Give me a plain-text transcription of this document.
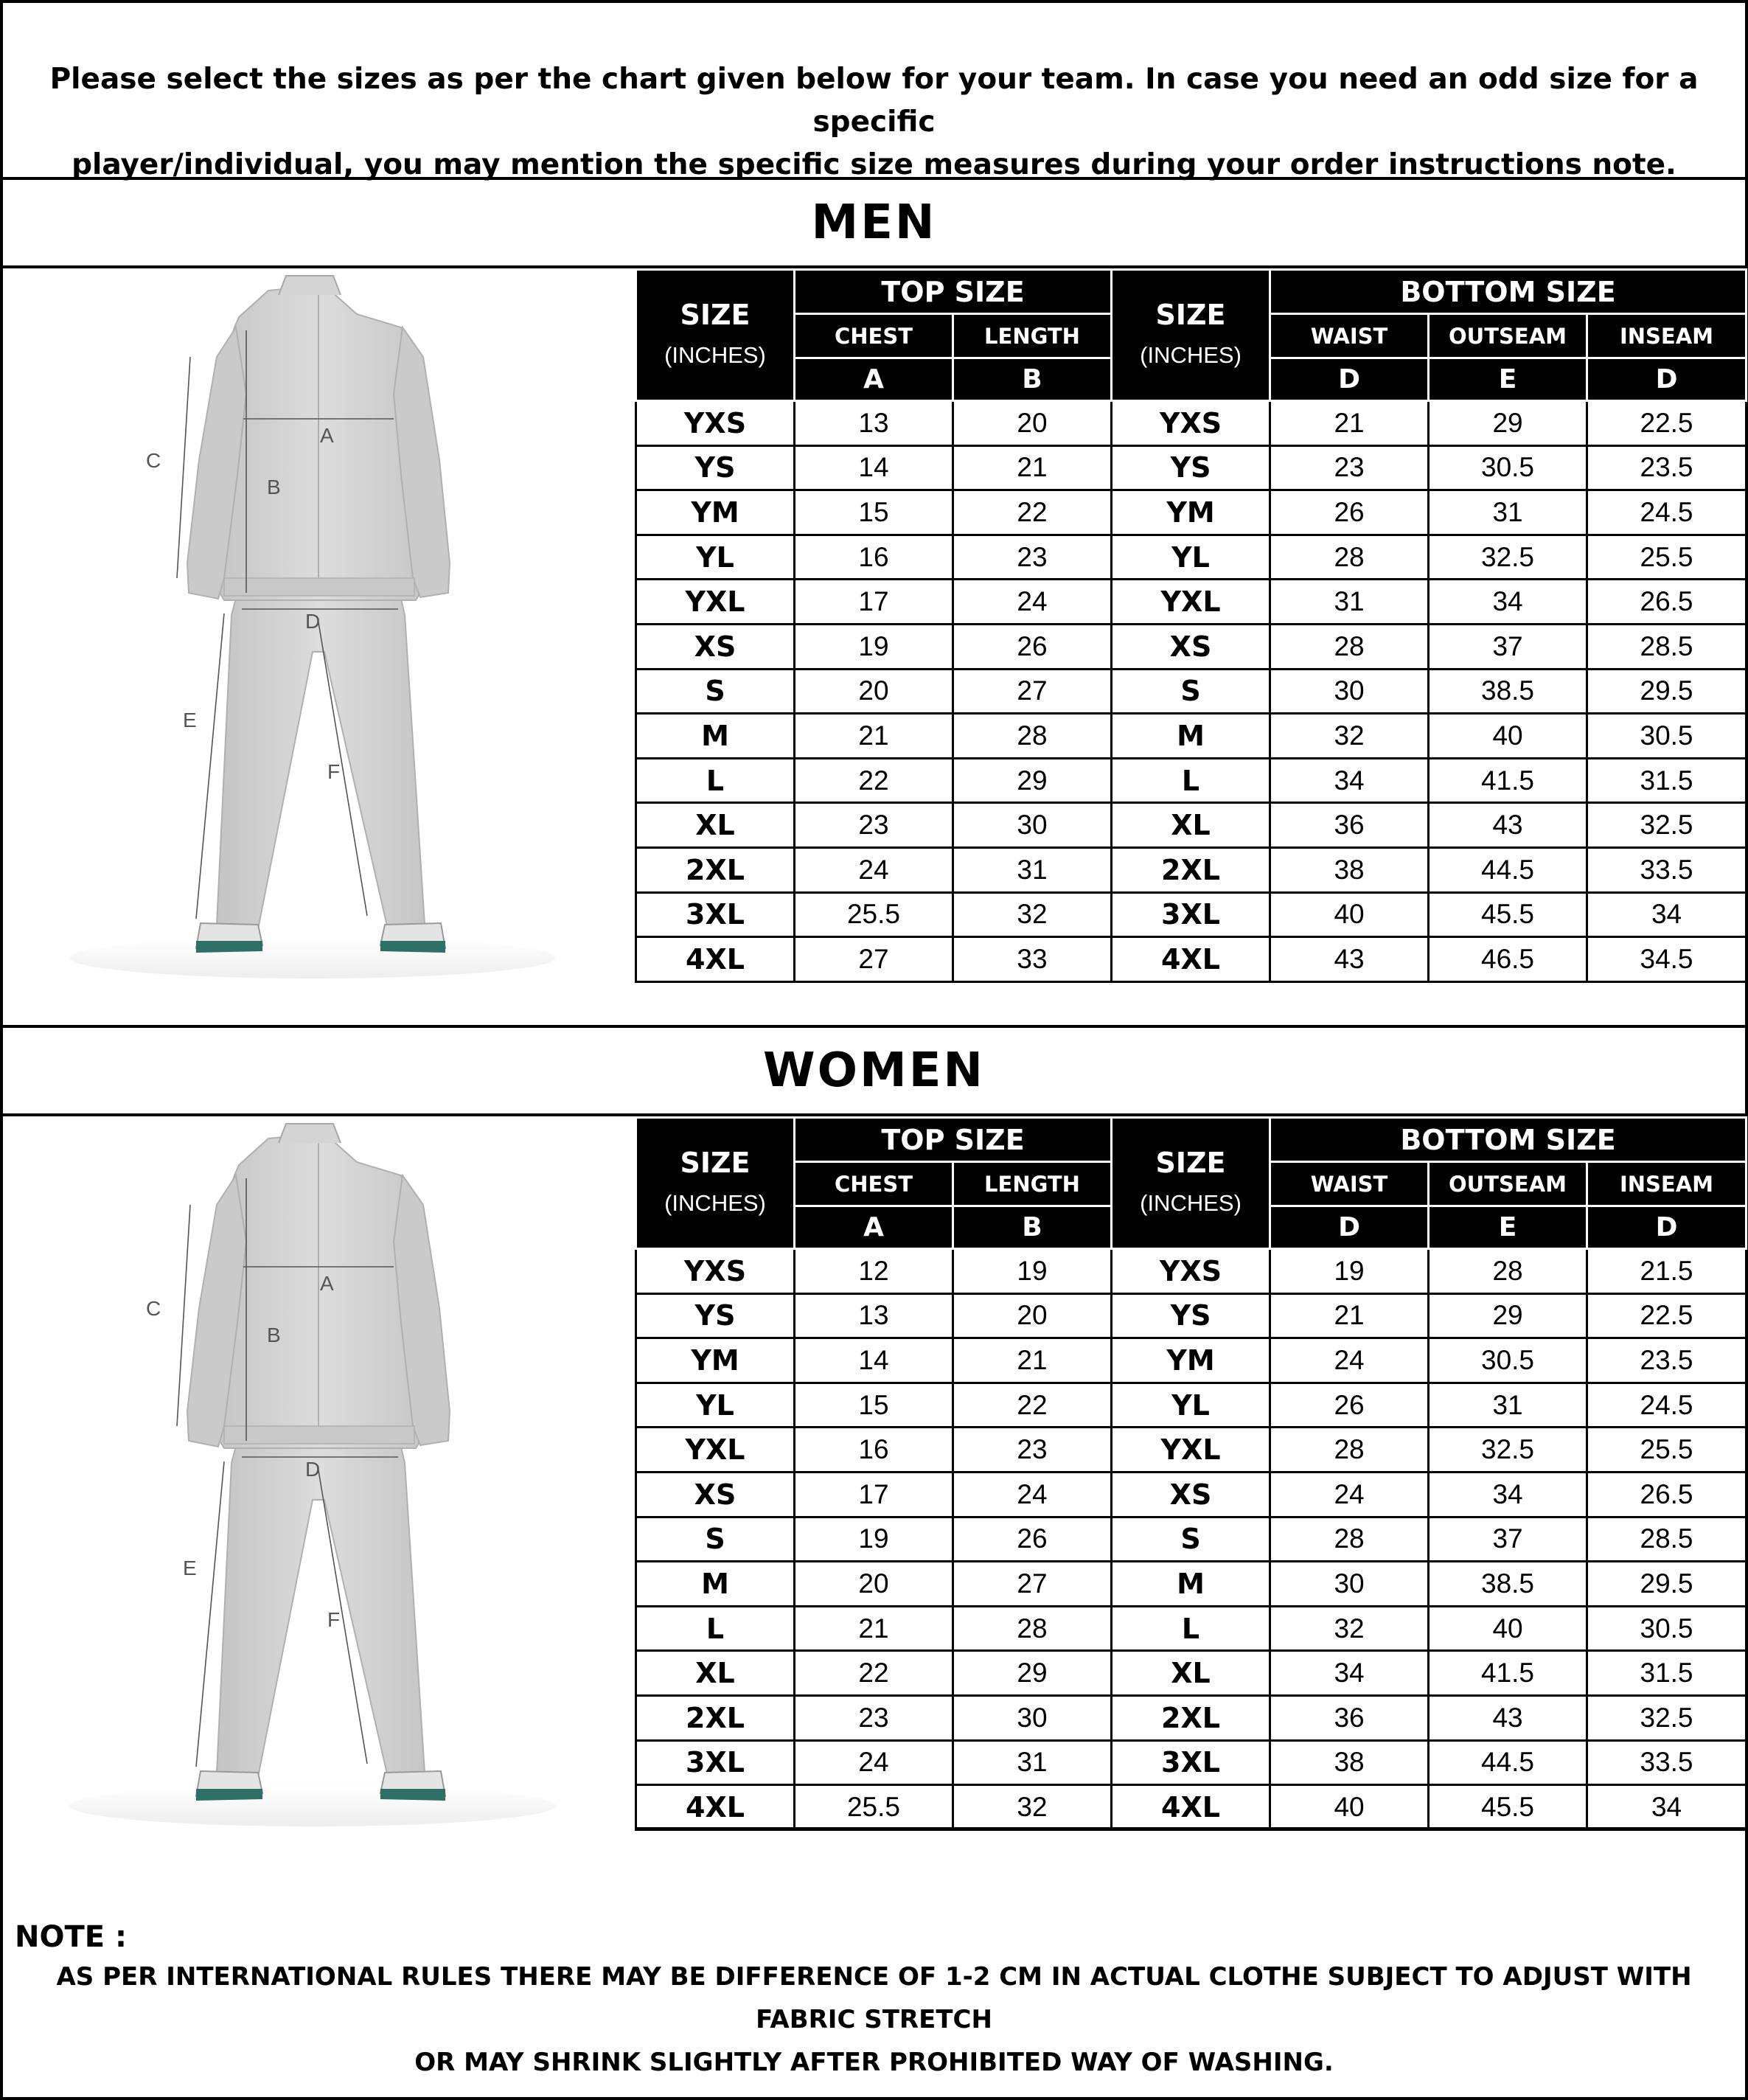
Please select the sizes as per the chart given below for your team. In case you need an odd size for a specific
player/individual, you may mention the specific size measures during your order instructions note.

MEN
A
B
C
D
E
F
SIZE
(INCHES)	TOP SIZE		SIZE
(INCHES)	BOTTOM SIZE		
	CHEST	LENGTH		WAIST	OUTSEAM	INSEAM
	A	B		D	E	D
YXS	13	20	YXS	21	29	22.5
YS	14	21	YS	23	30.5	23.5
YM	15	22	YM	26	31	24.5
YL	16	23	YL	28	32.5	25.5
YXL	17	24	YXL	31	34	26.5
XS	19	26	XS	28	37	28.5
S	20	27	S	30	38.5	29.5
M	21	28	M	32	40	30.5
L	22	29	L	34	41.5	31.5
XL	23	30	XL	36	43	32.5
2XL	24	31	2XL	38	44.5	33.5
3XL	25.5	32	3XL	40	45.5	34
4XL	27	33	4XL	43	46.5	34.5
WOMEN
A
B
C
D
E
F
SIZE
(INCHES)	TOP SIZE		SIZE
(INCHES)	BOTTOM SIZE		
	CHEST	LENGTH		WAIST	OUTSEAM	INSEAM
	A	B		D	E	D
YXS	12	19	YXS	19	28	21.5
YS	13	20	YS	21	29	22.5
YM	14	21	YM	24	30.5	23.5
YL	15	22	YL	26	31	24.5
YXL	16	23	YXL	28	32.5	25.5
XS	17	24	XS	24	34	26.5
S	19	26	S	28	37	28.5
M	20	27	M	30	38.5	29.5
L	21	28	L	32	40	30.5
XL	22	29	XL	34	41.5	31.5
2XL	23	30	2XL	36	43	32.5
3XL	24	31	3XL	38	44.5	33.5
4XL	25.5	32	4XL	40	45.5	34
NOTE :
AS PER INTERNATIONAL RULES THERE MAY BE DIFFERENCE OF 1-2 CM IN ACTUAL CLOTHE SUBJECT TO ADJUST WITH FABRIC STRETCH
OR MAY SHRINK SLIGHTLY AFTER PROHIBITED WAY OF WASHING.
